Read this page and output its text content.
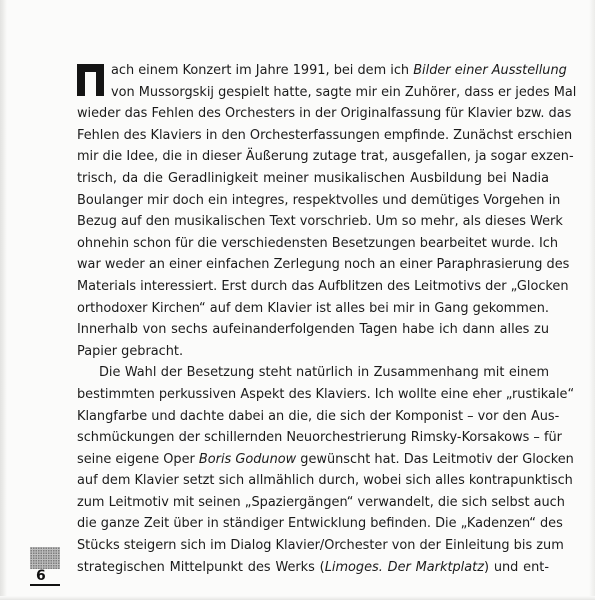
ach einem Konzert im Jahre 1991, bei dem ich Bilder einer Ausstellung
von Mussorgskij gespielt hatte, sagte mir ein Zuhörer, dass er jedes Mal
wieder das Fehlen des Orchesters in der Originalfassung für Klavier bzw. das
Fehlen des Klaviers in den Orchesterfassungen empfinde. Zunächst erschien
mir die Idee, die in dieser Äußerung zutage trat, ausgefallen, ja sogar exzen-
trisch, da die Geradlinigkeit meiner musikalischen Ausbildung bei Nadia
Boulanger mir doch ein integres, respektvolles und demütiges Vorgehen in
Bezug auf den musikalischen Text vorschrieb. Um so mehr, als dieses Werk
ohnehin schon für die verschiedensten Besetzungen bearbeitet wurde. Ich
war weder an einer einfachen Zerlegung noch an einer Paraphrasierung des
Materials interessiert. Erst durch das Aufblitzen des Leitmotivs der „Glocken
orthodoxer Kirchen“ auf dem Klavier ist alles bei mir in Gang gekommen.
Innerhalb von sechs aufeinanderfolgenden Tagen habe ich dann alles zu
Papier gebracht.
Die Wahl der Besetzung steht natürlich in Zusammenhang mit einem
bestimmten perkussiven Aspekt des Klaviers. Ich wollte eine eher „rustikale“
Klangfarbe und dachte dabei an die, die sich der Komponist – vor den Aus-
schmückungen der schillernden Neuorchestrierung Rimsky-Korsakows – für
seine eigene Oper Boris Godunow gewünscht hat. Das Leitmotiv der Glocken
auf dem Klavier setzt sich allmählich durch, wobei sich alles kontrapunktisch
zum Leitmotiv mit seinen „Spaziergängen“ verwandelt, die sich selbst auch
die ganze Zeit über in ständiger Entwicklung befinden. Die „Kadenzen“ des
Stücks steigern sich im Dialog Klavier/Orchester von der Einleitung bis zum
strategischen Mittelpunkt des Werks (Limoges. Der Marktplatz) und ent-
6
